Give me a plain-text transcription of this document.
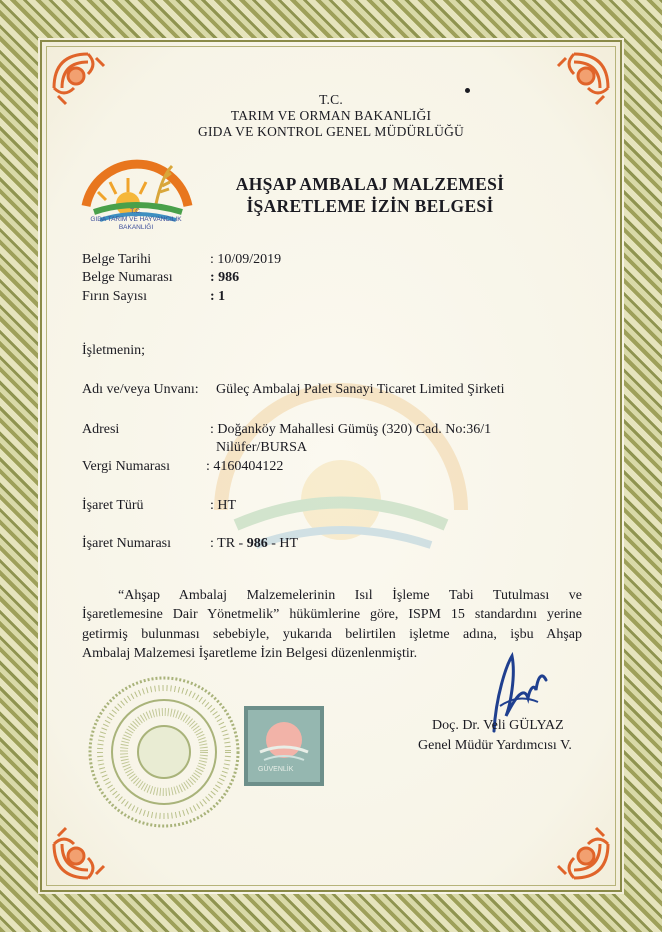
T.C.
TARIM VE ORMAN BAKANLIĞI
GIDA VE KONTROL GENEL MÜDÜRLÜĞÜ
T.C.
GIDA TARIM VE HAYVANCILIK
BAKANLIĞI
AHŞAP AMBALAJ MALZEMESİ
İŞARETLEME İZİN BELGESİ
Belge Tarihi	: 10/09/2019
Belge Numarası	: 986
Fırın Sayısı	: 1
İşletmenin;
Adı ve/veya Unvanı: Güleç Ambalaj Palet Sanayi Ticaret Limited Şirketi
Adresi	: Doğanköy Mahallesi Gümüş (320) Cad. No:36/1
Nilüfer/BURSA
Vergi Numarası	: 4160404122
İşaret Türü	: HT
İşaret Numarası	: TR - 986 - HT
“Ahşap Ambalaj Malzemelerinin Isıl İşleme Tabi Tutulması ve
İşaretlemesine Dair Yönetmelik” hükümlerine göre, ISPM 15 standardını yerine
getirmiş bulunması sebebiyle, yukarıda belirtilen işletme adına, işbu Ahşap
Ambalaj Malzemesi İşaretleme İzin Belgesi düzenlenmiştir.
GÜVENLİK
Doç. Dr. Veli GÜLYAZ
Genel Müdür Yardımcısı V.
